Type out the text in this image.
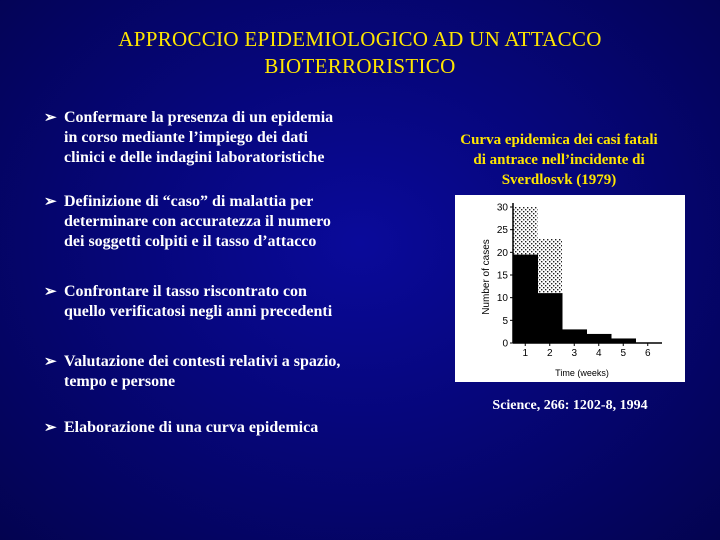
APPROCCIO EPIDEMIOLOGICO AD UN ATTACCO
BIOTERRORISTICO
➢ Confermare la presenza di un epidemia
in corso mediante l’impiego dei dati
clinici e delle indagini laboratoristiche
➢ Definizione di “caso” di malattia per
determinare con accuratezza il numero
dei soggetti colpiti e il tasso d’attacco
➢ Confrontare il tasso riscontrato con
quello verificatosi negli anni precedenti
➢ Valutazione dei contesti relativi a spazio,
tempo e persone
➢ Elaborazione di una curva epidemica
Curva epidemica dei casi fatali
di antrace nell’incidente di
Sverdlosvk (1979)
Number of cases
Time (weeks)
0
5
10
15
20
25
30
1 2 3 4 5 6
Science, 266: 1202-8, 1994
